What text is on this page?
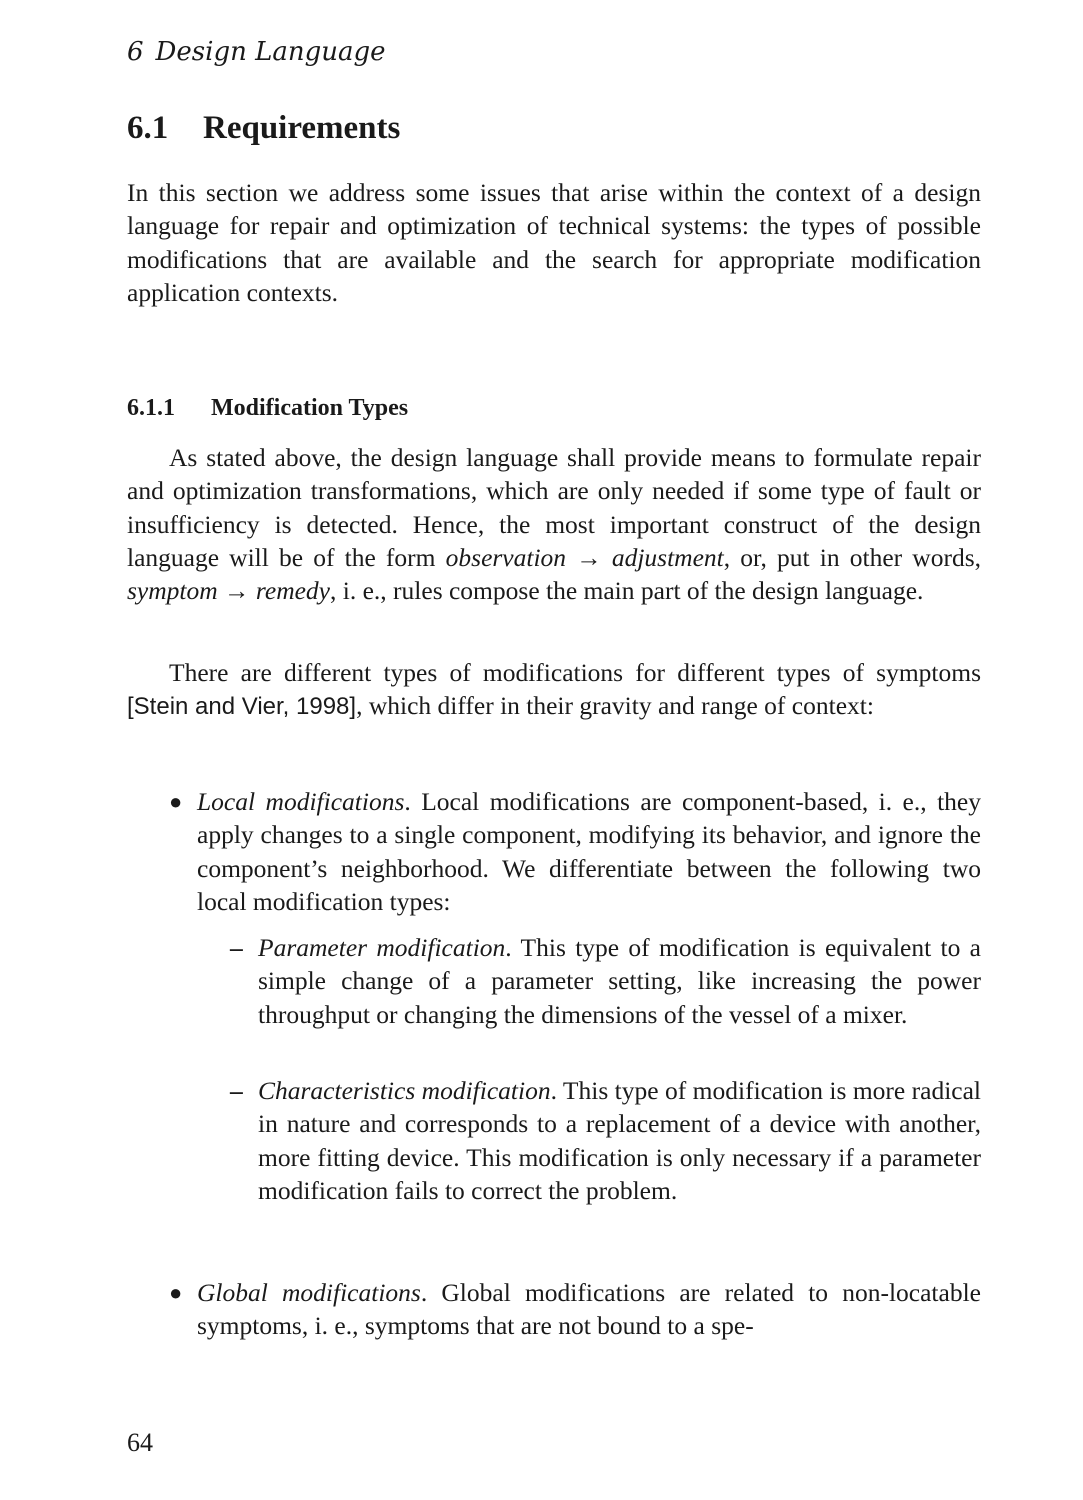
6 Design Language
6.1 Requirements

In this section we address some issues that arise within the context of a design language for repair and optimization of technical systems: the types of possible modifications that are available and the search for appropriate modification application contexts.

6.1.1 Modification Types

As stated above, the design language shall provide means to formulate repair and optimization transformations, which are only needed if some type of fault or insufficiency is detected. Hence, the most important construct of the design language will be of the form observation → adjustment, or, put in other words, symptom → remedy, i. e., rules compose the main part of the design language.

There are different types of modifications for different types of symptoms [Stein and Vier, 1998], which differ in their gravity and range of context:

● Local modifications. Local modifications are component-based, i. e., they apply changes to a single component, modifying its behavior, and ignore the component’s neighborhood. We differentiate between the following two local modification types:
– Parameter modification. This type of modification is equivalent to a simple change of a parameter setting, like increasing the power throughput or changing the dimensions of the vessel of a mixer.
– Characteristics modification. This type of modification is more radical in nature and corresponds to a replacement of a device with another, more fitting device. This modification is only necessary if a parameter modification fails to correct the problem.
● Global modifications. Global modifications are related to non-locatable symptoms, i. e., symptoms that are not bound to a spe-
64
